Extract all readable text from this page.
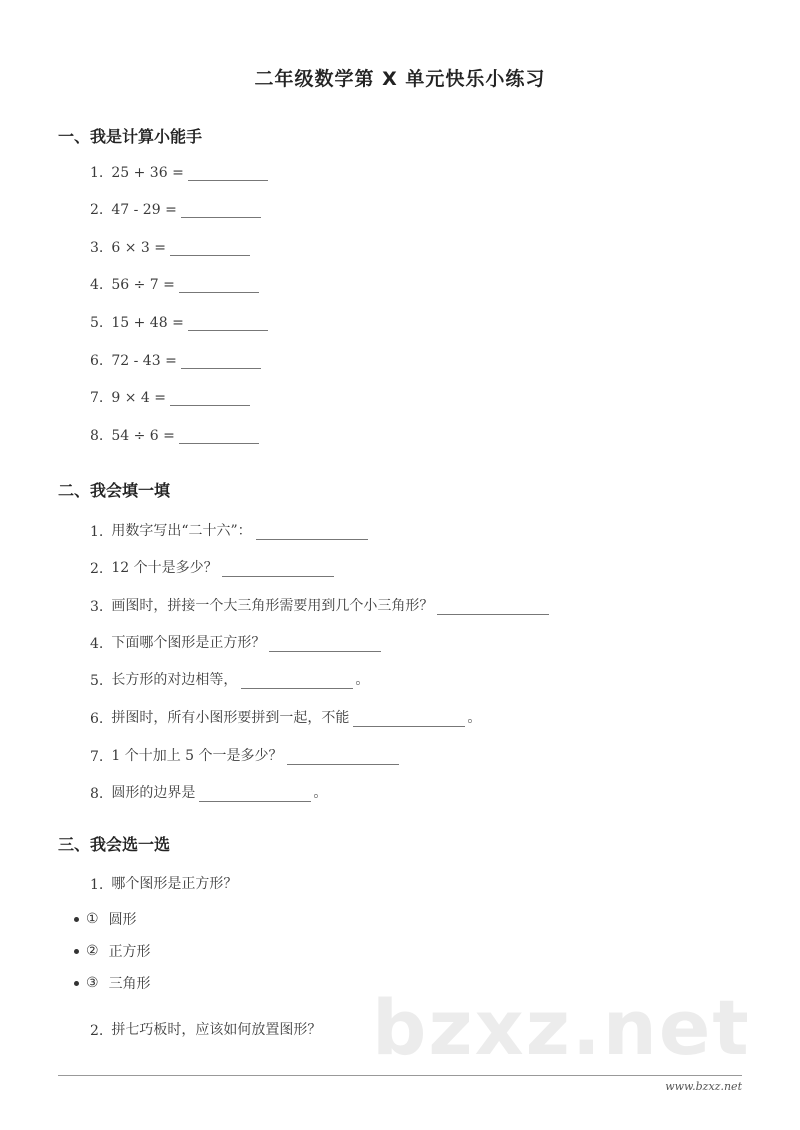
二年级数学第 X 单元快乐小练习
一、我是计算小能手
1. 25 + 36 =
2. 47 - 29 =
3. 6 × 3 =
4. 56 ÷ 7 =
5. 15 + 48 =
6. 72 - 43 =
7. 9 × 4 =
8. 54 ÷ 6 =
二、我会填一填
1. 用数字写出“二十六”：
2. 12 个十是多少？
3. 画图时，拼接一个大三角形需要用到几个小三角形？
4. 下面哪个图形是正方形？
5. 长方形的对边相等，	。
6. 拼图时，所有小图形要拼到一起，不能	。
7. 1 个十加上 5 个一是多少？
8. 圆形的边界是	。
三、我会选一选
1. 哪个图形是正方形？
① 圆形
② 正方形
③ 三角形	bzxz.net
2. 拼七巧板时，应该如何放置图形？
www.bzxz.net
